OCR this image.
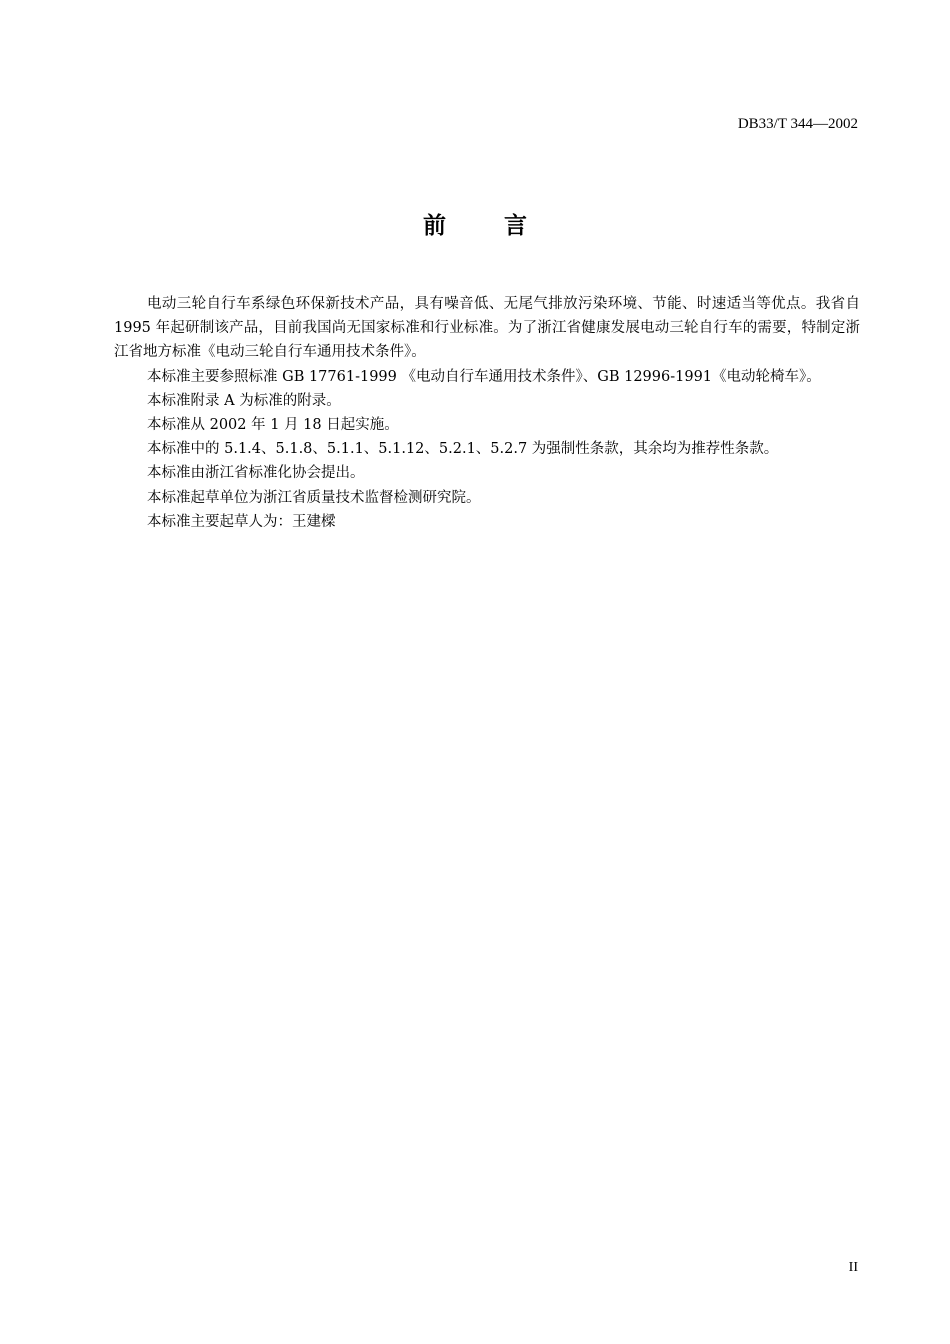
DB33/T 344—2002
前言

电动三轮自行车系绿色环保新技术产品，具有噪音低、无尾气排放污染环境、节能、时速适当等优点。我省自 1995 年起研制该产品，目前我国尚无国家标准和行业标准。为了浙江省健康发展电动三轮自行车的需要，特制定浙江省地方标准《电动三轮自行车通用技术条件》。

本标准主要参照标准 GB 17761-1999 《电动自行车通用技术条件》、GB 12996-1991《电动轮椅车》。

本标准附录 A 为标准的附录。

本标准从 2002 年 1 月 18 日起实施。

本标准中的 5.1.4、5.1.8、5.1.1、5.1.12、5.2.1、5.2.7 为强制性条款，其余均为推荐性条款。

本标准由浙江省标准化协会提出。

本标准起草单位为浙江省质量技术监督检测研究院。

本标准主要起草人为：王建樑

II
